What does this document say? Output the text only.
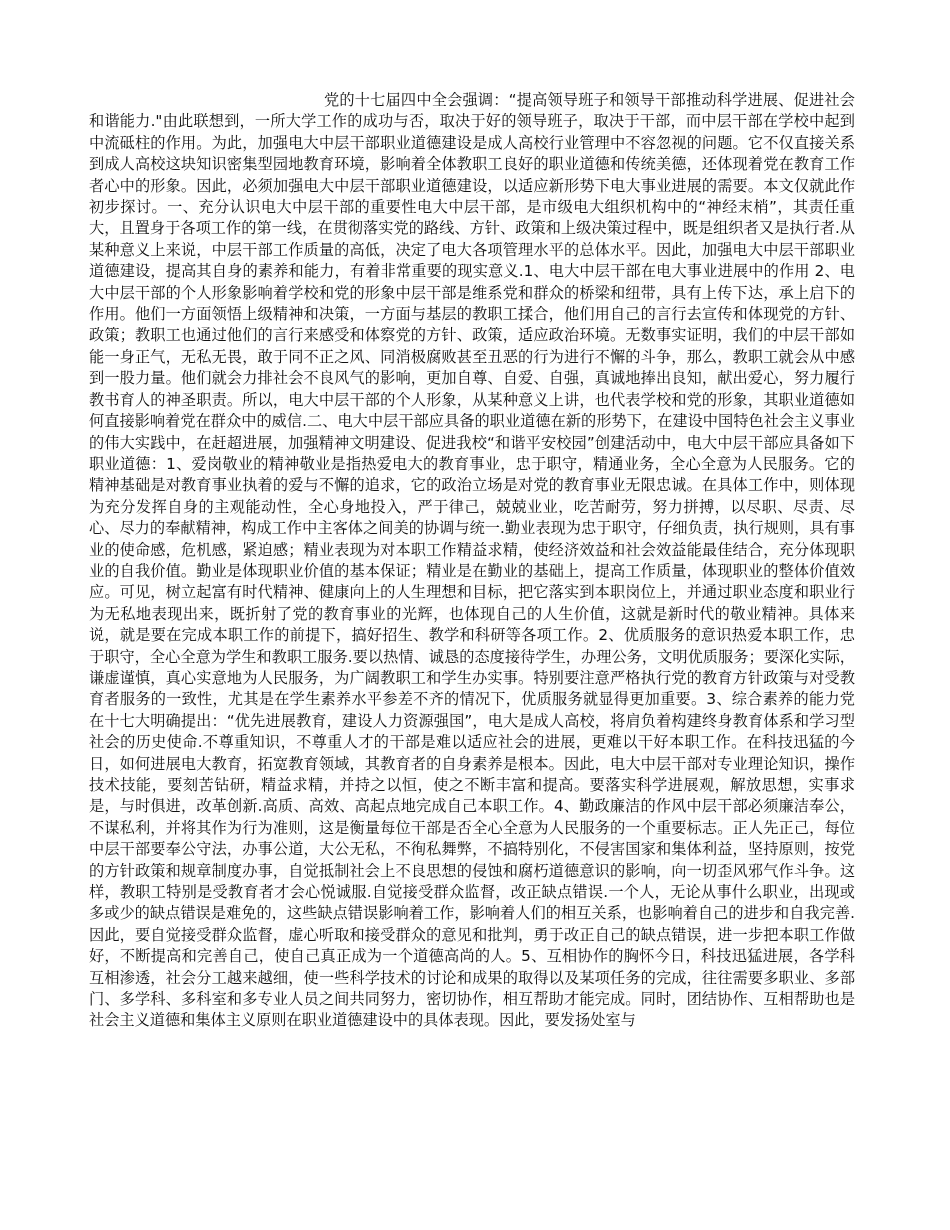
党的十七届四中全会强调：“提高领导班子和领导干部推动科学进展、促进社会和谐能力."由此联想到，一所大学工作的成功与否，取决于好的领导班子，取决于干部，而中层干部在学校中起到中流砥柱的作用。为此，加强电大中层干部职业道德建设是成人高校行业管理中不容忽视的问题。它不仅直接关系到成人高校这块知识密集型园地教育环境，影响着全体教职工良好的职业道德和传统美德，还体现着党在教育工作者心中的形象。因此，必须加强电大中层干部职业道德建设，以适应新形势下电大事业进展的需要。本文仅就此作初步探讨。一、充分认识电大中层干部的重要性电大中层干部，是市级电大组织机构中的“神经末梢”，其责任重大，且置身于各项工作的第一线，在贯彻落实党的路线、方针、政策和上级决策过程中，既是组织者又是执行者.从某种意义上来说，中层干部工作质量的高低，决定了电大各项管理水平的总体水平。因此，加强电大中层干部职业道德建设，提高其自身的素养和能力，有着非常重要的现实意义.1、电大中层干部在电大事业进展中的作用 2、电大中层干部的个人形象影响着学校和党的形象中层干部是维系党和群众的桥梁和纽带，具有上传下达，承上启下的作用。他们一方面领悟上级精神和决策，一方面与基层的教职工揉合，他们用自己的言行去宣传和体现党的方针、政策；教职工也通过他们的言行来感受和体察党的方针、政策，适应政治环境。无数事实证明，我们的中层干部如能一身正气，无私无畏，敢于同不正之风、同消极腐败甚至丑恶的行为进行不懈的斗争，那么，教职工就会从中感到一股力量。他们就会力排社会不良风气的影响，更加自尊、自爱、自强，真诚地捧出良知，献出爱心，努力履行教书育人的神圣职责。所以，电大中层干部的个人形象，从某种意义上讲，也代表学校和党的形象，其职业道德如何直接影响着党在群众中的威信.二、电大中层干部应具备的职业道德在新的形势下，在建设中国特色社会主义事业的伟大实践中，在赶超进展，加强精神文明建设、促进我校“和谐平安校园”创建活动中，电大中层干部应具备如下职业道德：1、爱岗敬业的精神敬业是指热爱电大的教育事业，忠于职守，精通业务，全心全意为人民服务。它的精神基础是对教育事业执着的爱与不懈的追求，它的政治立场是对党的教育事业无限忠诚。在具体工作中，则体现为充分发挥自身的主观能动性，全心身地投入，严于律己，兢兢业业，吃苦耐劳，努力拼搏，以尽职、尽责、尽心、尽力的奉献精神，构成工作中主客体之间美的协调与统一.勤业表现为忠于职守，仔细负责，执行规则，具有事业的使命感，危机感，紧迫感；精业表现为对本职工作精益求精，使经济效益和社会效益能最佳结合，充分体现职业的自我价值。勤业是体现职业价值的基本保证；精业是在勤业的基础上，提高工作质量，体现职业的整体价值效应。可见，树立起富有时代精神、健康向上的人生理想和目标，把它落实到本职岗位上，并通过职业态度和职业行为无私地表现出来，既折射了党的教育事业的光辉，也体现自己的人生价值，这就是新时代的敬业精神。具体来说，就是要在完成本职工作的前提下，搞好招生、教学和科研等各项工作。2、优质服务的意识热爱本职工作，忠于职守，全心全意为学生和教职工服务.要以热情、诚恳的态度接待学生，办理公务，文明优质服务；要深化实际，谦虚谨慎，真心实意地为人民服务，为广阔教职工和学生办实事。特别要注意严格执行党的教育方针政策与对受教育者服务的一致性，尤其是在学生素养水平参差不齐的情况下，优质服务就显得更加重要。3、综合素养的能力党在十七大明确提出：“优先进展教育，建设人力资源强国”，电大是成人高校，将肩负着构建终身教育体系和学习型社会的历史使命.不尊重知识，不尊重人才的干部是难以适应社会的进展，更难以干好本职工作。在科技迅猛的今日，如何进展电大教育，拓宽教育领域，其教育者的自身素养是根本。因此，电大中层干部对专业理论知识，操作技术技能，要刻苦钻研，精益求精，并持之以恒，使之不断丰富和提高。要落实科学进展观，解放思想，实事求是，与时俱进，改革创新.高质、高效、高起点地完成自己本职工作。4、勤政廉洁的作风中层干部必须廉洁奉公，不谋私利，并将其作为行为准则，这是衡量每位干部是否全心全意为人民服务的一个重要标志。正人先正己，每位中层干部要奉公守法，办事公道，大公无私，不徇私舞弊，不搞特别化，不侵害国家和集体利益，坚持原则，按党的方针政策和规章制度办事，自觉抵制社会上不良思想的侵蚀和腐朽道德意识的影响，向一切歪风邪气作斗争。这样，教职工特别是受教育者才会心悦诚服.自觉接受群众监督，改正缺点错误.一个人，无论从事什么职业，出现或多或少的缺点错误是难免的，这些缺点错误影响着工作，影响着人们的相互关系，也影响着自己的进步和自我完善.因此，要自觉接受群众监督，虚心听取和接受群众的意见和批判，勇于改正自己的缺点错误，进一步把本职工作做好，不断提高和完善自己，使自己真正成为一个道德高尚的人。5、互相协作的胸怀今日，科技迅猛进展，各学科互相渗透，社会分工越来越细，使一些科学技术的讨论和成果的取得以及某项任务的完成，往往需要多职业、多部门、多学科、多科室和多专业人员之间共同努力，密切协作，相互帮助才能完成。同时，团结协作、互相帮助也是社会主义道德和集体主义原则在职业道德建设中的具体表现。因此，要发扬处室与
